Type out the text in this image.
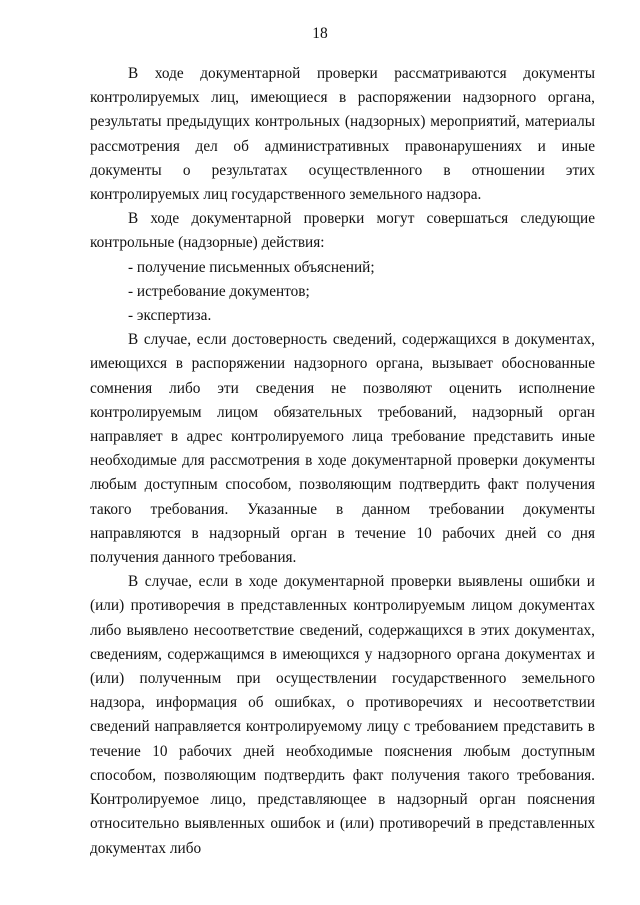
18

В ходе документарной проверки рассматриваются документы контролируемых лиц, имеющиеся в распоряжении надзорного органа, результаты предыдущих контрольных (надзорных) мероприятий, материалы рассмотрения дел об административных правонарушениях и иные документы о результатах осуществленного в отношении этих контролируемых лиц государственного земельного надзора.

В ходе документарной проверки могут совершаться следующие контрольные (надзорные) действия:

- получение письменных объяснений;

- истребование документов;

- экспертиза.

В случае, если достоверность сведений, содержащихся в документах, имеющихся в распоряжении надзорного органа, вызывает обоснованные сомнения либо эти сведения не позволяют оценить исполнение контролируемым лицом обязательных требований, надзорный орган направляет в адрес контролируемого лица требование представить иные необходимые для рассмотрения в ходе документарной проверки документы любым доступным способом, позволяющим подтвердить факт получения такого требования. Указанные в данном требовании документы направляются в надзорный орган в течение 10 рабочих дней со дня получения данного требования.

В случае, если в ходе документарной проверки выявлены ошибки и (или) противоречия в представленных контролируемым лицом документах либо выявлено несоответствие сведений, содержащихся в этих документах, сведениям, содержащимся в имеющихся у надзорного органа документах и (или) полученным при осуществлении государственного земельного надзора, информация об ошибках, о противоречиях и несоответствии сведений направляется контролируемому лицу с требованием представить в течение 10 рабочих дней необходимые пояснения любым доступным способом, позволяющим подтвердить факт получения такого требования. Контролируемое лицо, представляющее в надзорный орган пояснения относительно выявленных ошибок и (или) противоречий в представленных документах либо
